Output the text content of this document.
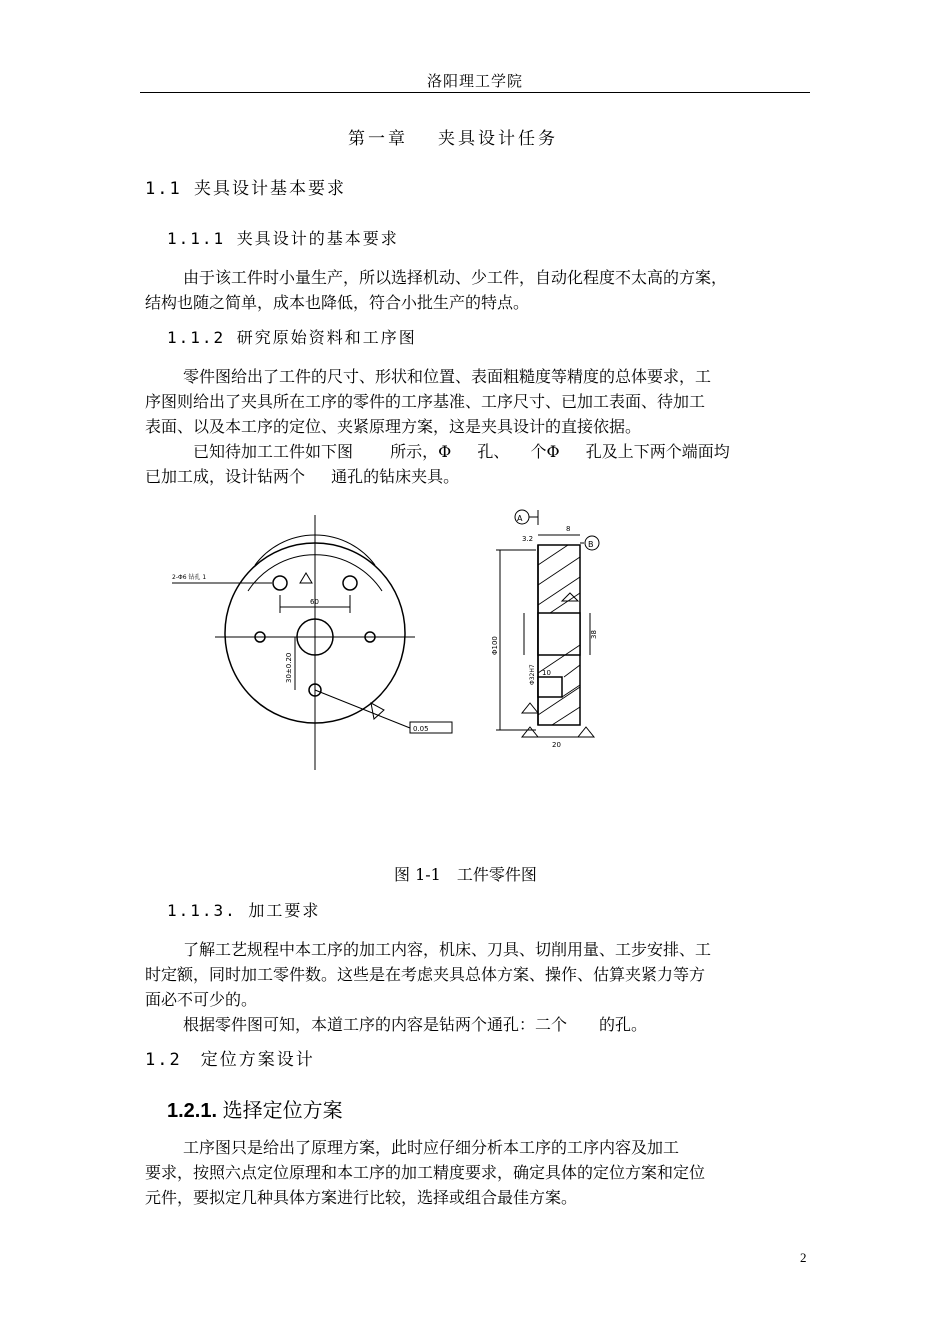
洛阳理工学院
第一章 夹具设计任务
1.1 夹具设计基本要求
1.1.1 夹具设计的基本要求
由于该工件时小量生产，所以选择机动、少工件，自动化程度不太高的方案，
结构也随之简单，成本也降低，符合小批生产的特点。
1.1.2 研究原始资料和工序图
零件图给出了工件的尺寸、形状和位置、表面粗糙度等精度的总体要求，工
序图则给出了夹具所在工序的零件的工序基准、工序尺寸、已加工表面、待加工
表面、以及本工序的定位、夹紧原理方案，这是夹具设计的直接依据。
已知待加工工件如下图 　　所示，Φ 　 孔、 　个Φ 　 孔及上下两个端面均
已加工成，设计钻两个 　 通孔的钻床夹具。
2-Φ6 钻孔 1
60
30±0.20
0.05
A
B
3.2
8
Φ100
Φ32H7
38
10
20
图 1-1　工件零件图
1.1.3. 加工要求
了解工艺规程中本工序的加工内容，机床、刀具、切削用量、工步安排、工
时定额，同时加工零件数。这些是在考虑夹具总体方案、操作、估算夹紧力等方
面必不可少的。
根据零件图可知，本道工序的内容是钻两个通孔：二个　　的孔。
1.2　定位方案设计
1.2.1. 选择定位方案
工序图只是给出了原理方案，此时应仔细分析本工序的工序内容及加工
要求，按照六点定位原理和本工序的加工精度要求，确定具体的定位方案和定位
元件，要拟定几种具体方案进行比较，选择或组合最佳方案。
2
